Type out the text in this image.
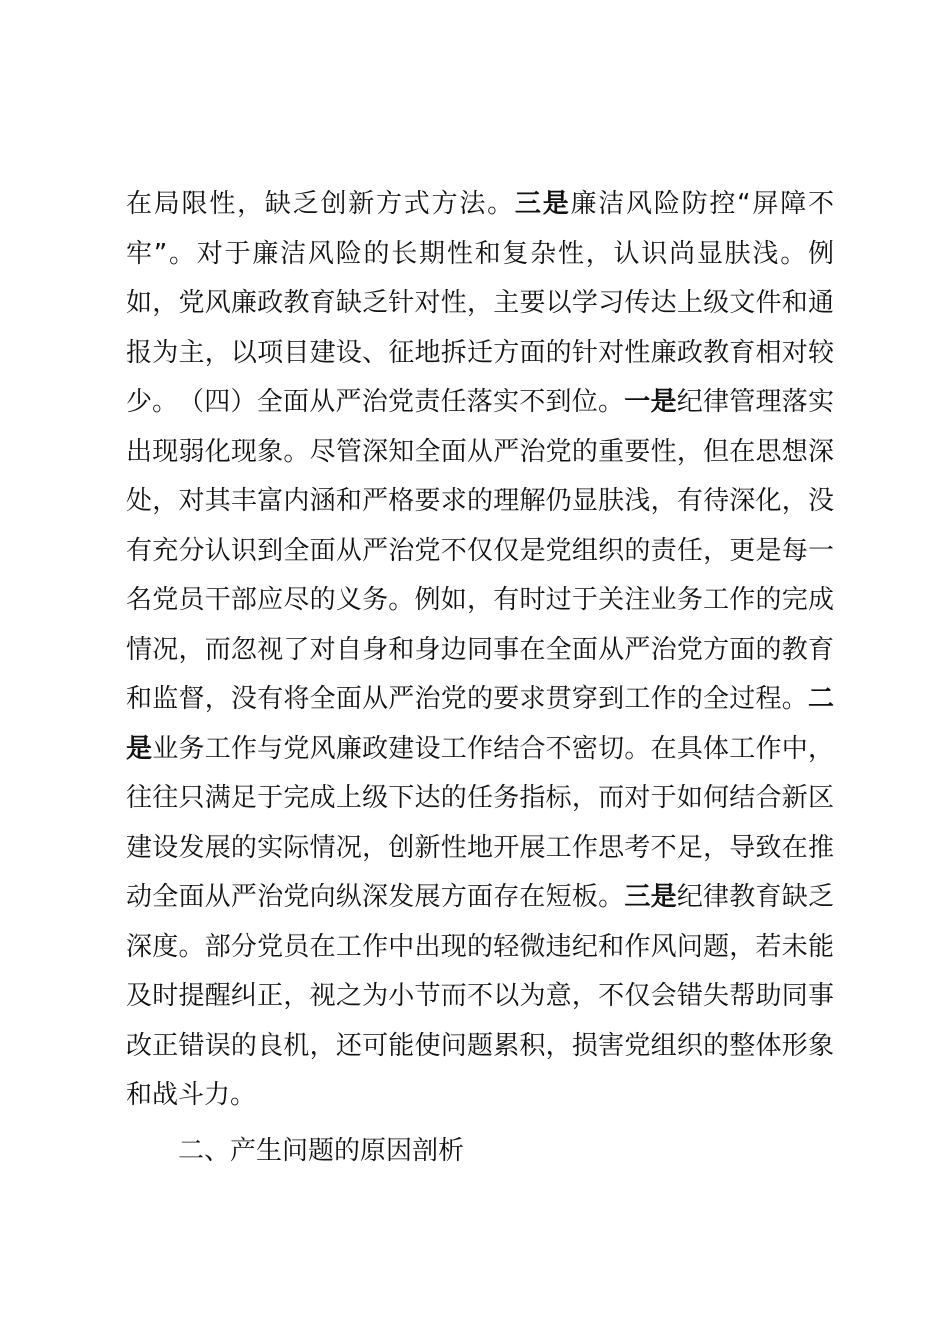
在局限性，缺乏创新方式方法。三是廉洁风险防控“屏障不牢”。对于廉洁风险的长期性和复杂性，认识尚显肤浅。例如，党风廉政教育缺乏针对性，主要以学习传达上级文件和通报为主，以项目建设、征地拆迁方面的针对性廉政教育相对较少。 （四）全面从严治党责任落实不到位。一是纪律管理落实出现弱化现象。尽管深知全面从严治党的重要性，但在思想深处，对其丰富内涵和严格要求的理解仍显肤浅，有待深化，没有充分认识到全面从严治党不仅仅是党组织的责任，更是每一名党员干部应尽的义务。例如，有时过于关注业务工作的完成情况，而忽视了对自身和身边同事在全面从严治党方面的教育和监督，没有将全面从严治党的要求贯穿到工作的全过程。二是业务工作与党风廉政建设工作结合不密切。在具体工作中，往往只满足于完成上级下达的任务指标，而对于如何结合新区建设发展的实际情况，创新性地开展工作思考不足，导致在推动全面从严治党向纵深发展方面存在短板。三是纪律教育缺乏深度。部分党员在工作中出现的轻微违纪和作风问题，若未能及时提醒纠正，视之为小节而不以为意，不仅会错失帮助同事改正错误的良机，还可能使问题累积，损害党组织的整体形象和战斗力。

二、产生问题的原因剖析
